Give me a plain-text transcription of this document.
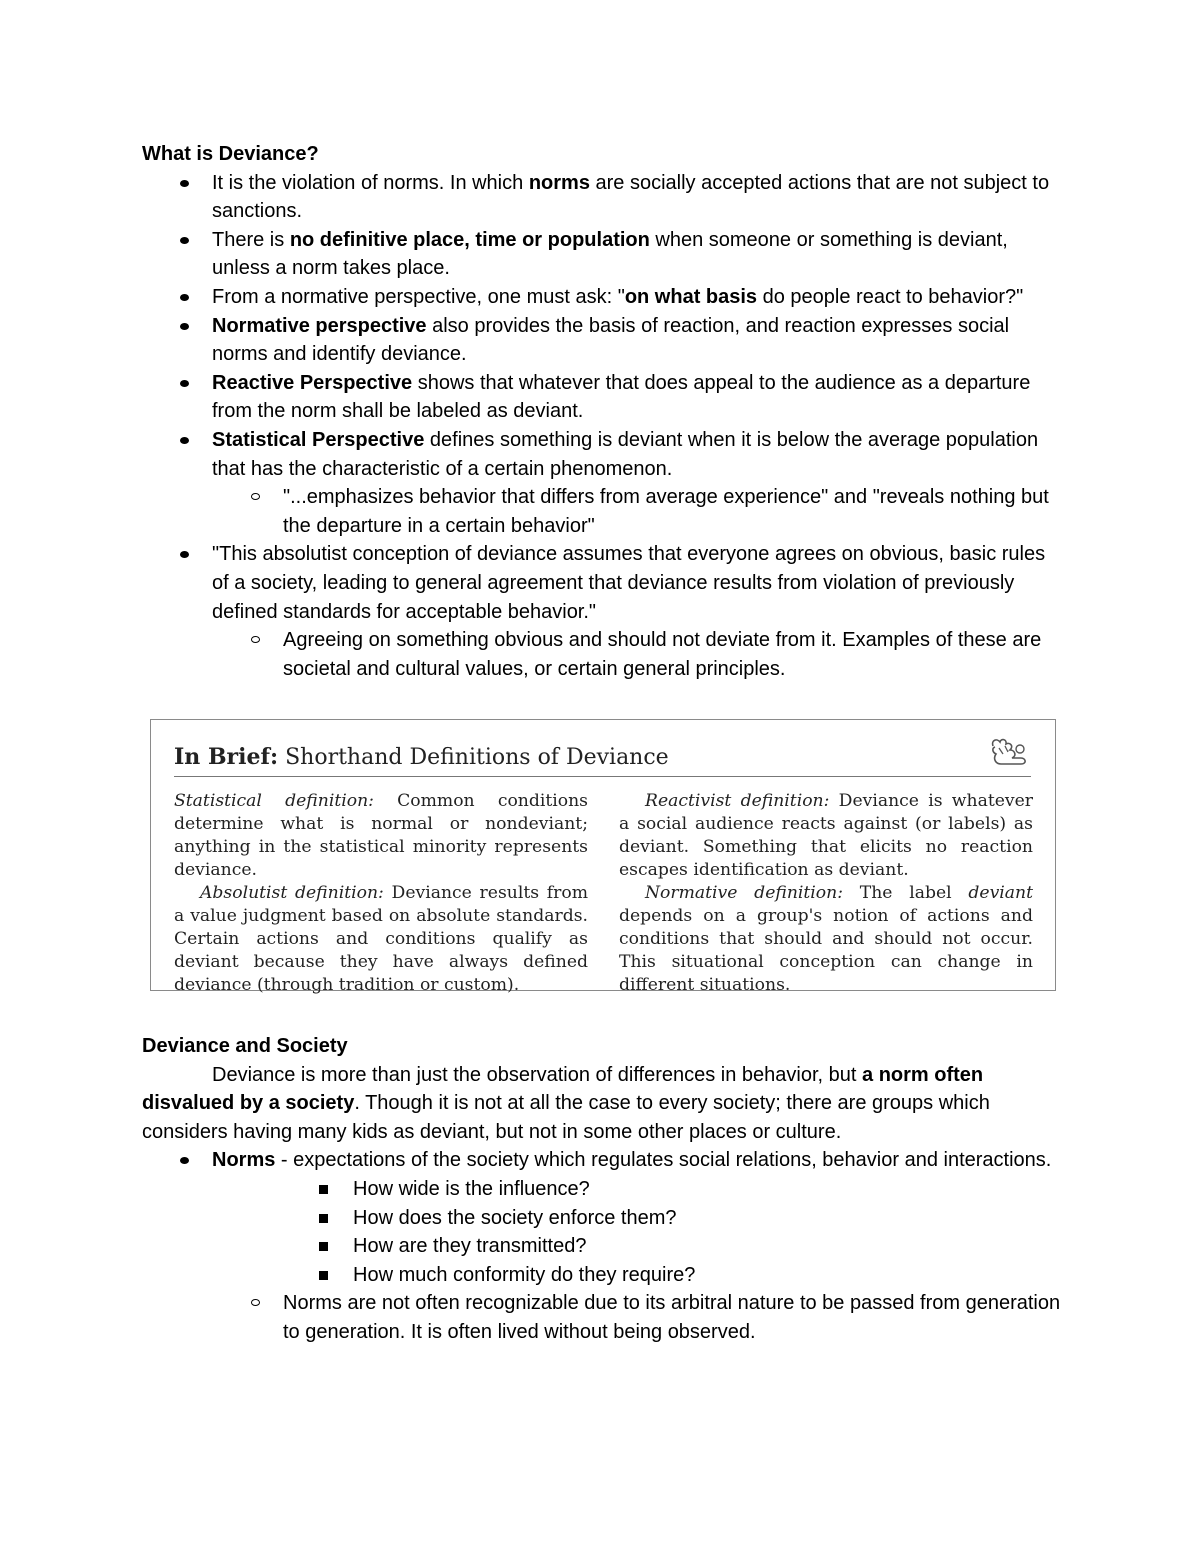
What is Deviance?
It is the violation of norms. In which norms are socially accepted actions that are not subject to sanctions.
There is no definitive place, time or population when someone or something is deviant, unless a norm takes place.
From a normative perspective, one must ask: "on what basis do people react to behavior?"
Normative perspective also provides the basis of reaction, and reaction expresses social norms and identify deviance.
Reactive Perspective shows that whatever that does appeal to the audience as a departure from the norm shall be labeled as deviant.
Statistical Perspective defines something is deviant when it is below the average population that has the characteristic of a certain phenomenon.
"...emphasizes behavior that differs from average experience" and "reveals nothing but the departure in a certain behavior"
"This absolutist conception of deviance assumes that everyone agrees on obvious, basic rules of a society, leading to general agreement that deviance results from violation of previously defined standards for acceptable behavior."
Agreeing on something obvious and should not deviate from it. Examples of these are societal and cultural values, or certain general principles.
In Brief: Shorthand Definitions of Deviance

Statistical definition: Common conditions determine what is normal or nondeviant; anything in the statistical minority represents deviance.

Absolutist definition: Deviance results from a value judgment based on absolute standards. Certain actions and conditions qualify as deviant because they have always defined deviance (through tradition or custom).

Reactivist definition: Deviance is whatever a social audience reacts against (or labels) as deviant. Something that elicits no reaction escapes identification as deviant.

Normative definition: The label deviant depends on a group's notion of actions and conditions that should and should not occur. This situational conception can change in different situations.

Deviance and Society

Deviance is more than just the observation of differences in behavior, but a norm often disvalued by a society. Though it is not at all the case to every society; there are groups which considers having many kids as deviant, but not in some other places or culture.

Norms - expectations of the society which regulates social relations, behavior and interactions.
How wide is the influence?
How does the society enforce them?
How are they transmitted?
How much conformity do they require?
Norms are not often recognizable due to its arbitral nature to be passed from generation to generation. It is often lived without being observed.
